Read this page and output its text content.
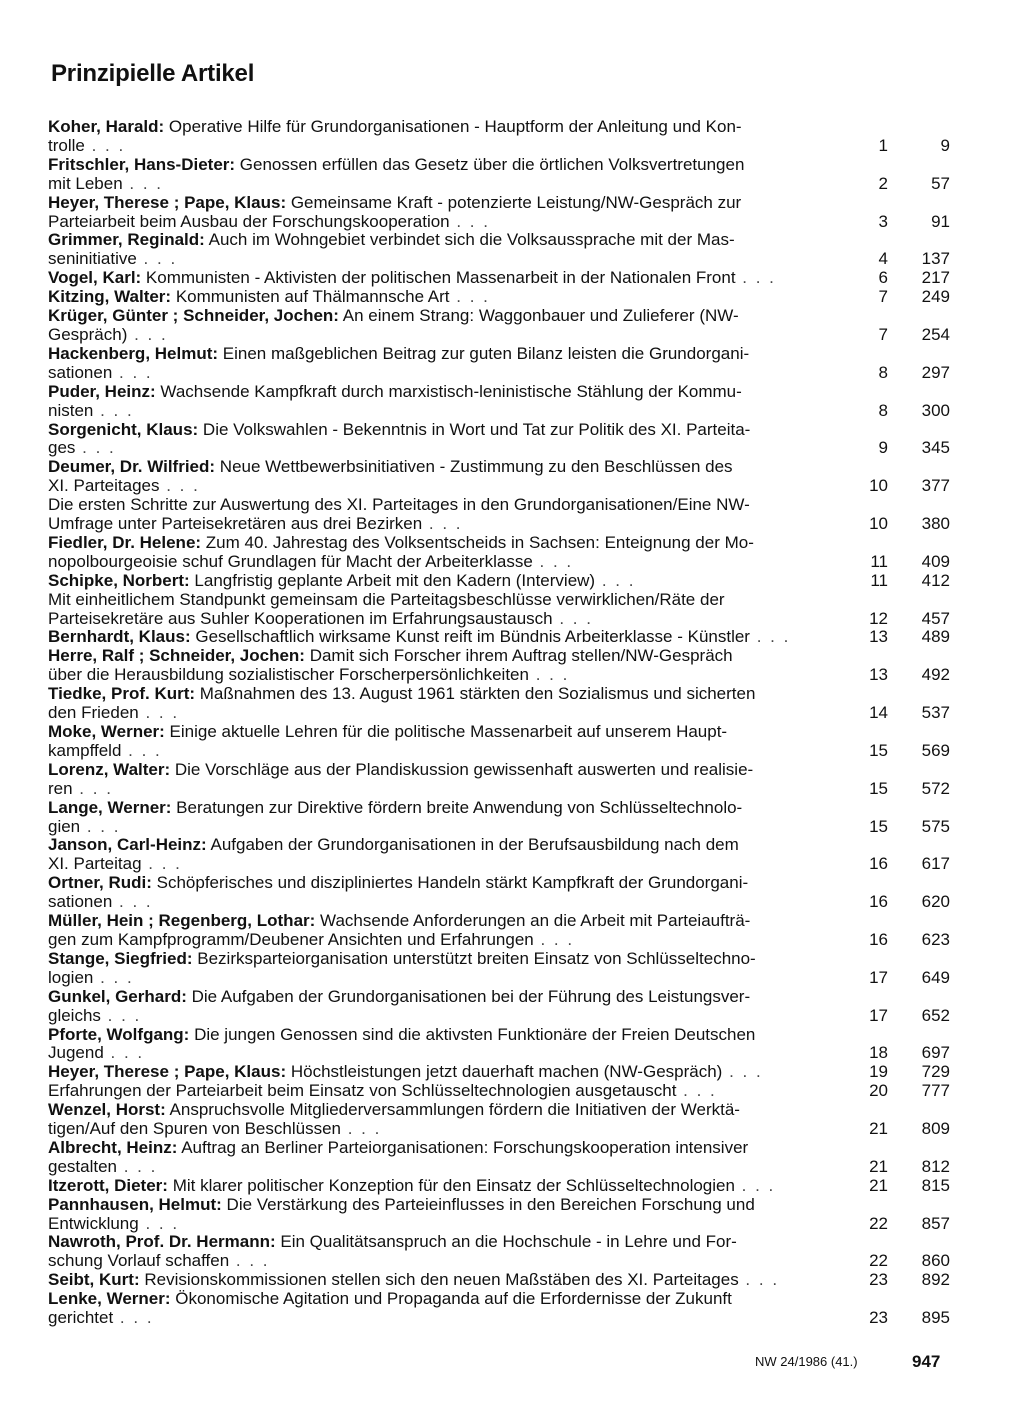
Prinzipielle Artikel
Koher, Harald: Operative Hilfe für Grundorganisationen - Hauptform der Anleitung und Kon-
trolle . . .	1	9
Fritschler, Hans-Dieter: Genossen erfüllen das Gesetz über die örtlichen Volksvertretungen
mit Leben . . .	2	57
Heyer, Therese ; Pape, Klaus: Gemeinsame Kraft - potenzierte Leistung/NW-Gespräch zur
Parteiarbeit beim Ausbau der Forschungskooperation . . .	3	91
Grimmer, Reginald: Auch im Wohngebiet verbindet sich die Volksaussprache mit der Mas-
seninitiative . . .	4	137
Vogel, Karl: Kommunisten - Aktivisten der politischen Massenarbeit in der Nationalen Front . . .	6	217
Kitzing, Walter: Kommunisten auf Thälmannsche Art . . .	7	249
Krüger, Günter ; Schneider, Jochen: An einem Strang: Waggonbauer und Zulieferer (NW-
Gespräch) . . .	7	254
Hackenberg, Helmut: Einen maßgeblichen Beitrag zur guten Bilanz leisten die Grundorgani-
sationen . . .	8	297
Puder, Heinz: Wachsende Kampfkraft durch marxistisch-leninistische Stählung der Kommu-
nisten . . .	8	300
Sorgenicht, Klaus: Die Volkswahlen - Bekenntnis in Wort und Tat zur Politik des XI. Parteita-
ges . . .	9	345
Deumer, Dr. Wilfried: Neue Wettbewerbsinitiativen - Zustimmung zu den Beschlüssen des
XI. Parteitages . . .	10	377
Die ersten Schritte zur Auswertung des XI. Parteitages in den Grundorganisationen/Eine NW-
Umfrage unter Parteisekretären aus drei Bezirken . . .	10	380
Fiedler, Dr. Helene: Zum 40. Jahrestag des Volksentscheids in Sachsen: Enteignung der Mo-
nopolbourgeoisie schuf Grundlagen für Macht der Arbeiterklasse . . .	11	409
Schipke, Norbert: Langfristig geplante Arbeit mit den Kadern (Interview) . . .	11	412
Mit einheitlichem Standpunkt gemeinsam die Parteitagsbeschlüsse verwirklichen/Räte der
Parteisekretäre aus Suhler Kooperationen im Erfahrungsaustausch . . .	12	457
Bernhardt, Klaus: Gesellschaftlich wirksame Kunst reift im Bündnis Arbeiterklasse - Künstler . . .	13	489
Herre, Ralf ; Schneider, Jochen: Damit sich Forscher ihrem Auftrag stellen/NW-Gespräch
über die Herausbildung sozialistischer Forscherpersönlichkeiten . . .	13	492
Tiedke, Prof. Kurt: Maßnahmen des 13. August 1961 stärkten den Sozialismus und sicherten
den Frieden . . .	14	537
Moke, Werner: Einige aktuelle Lehren für die politische Massenarbeit auf unserem Haupt-
kampffeld . . .	15	569
Lorenz, Walter: Die Vorschläge aus der Plandiskussion gewissenhaft auswerten und realisie-
ren . . .	15	572
Lange, Werner: Beratungen zur Direktive fördern breite Anwendung von Schlüsseltechnolo-
gien . . .	15	575
Janson, Carl-Heinz: Aufgaben der Grundorganisationen in der Berufsausbildung nach dem
XI. Parteitag . . .	16	617
Ortner, Rudi: Schöpferisches und diszipliniertes Handeln stärkt Kampfkraft der Grundorgani-
sationen . . .	16	620
Müller, Hein ; Regenberg, Lothar: Wachsende Anforderungen an die Arbeit mit Parteiaufträ-
gen zum Kampfprogramm/Deubener Ansichten und Erfahrungen . . .	16	623
Stange, Siegfried: Bezirksparteiorganisation unterstützt breiten Einsatz von Schlüsseltechno-
logien . . .	17	649
Gunkel, Gerhard: Die Aufgaben der Grundorganisationen bei der Führung des Leistungsver-
gleichs . . .	17	652
Pforte, Wolfgang: Die jungen Genossen sind die aktivsten Funktionäre der Freien Deutschen
Jugend . . .	18	697
Heyer, Therese ; Pape, Klaus: Höchstleistungen jetzt dauerhaft machen (NW-Gespräch) . . .	19	729
Erfahrungen der Parteiarbeit beim Einsatz von Schlüsseltechnologien ausgetauscht . . .	20	777
Wenzel, Horst: Anspruchsvolle Mitgliederversammlungen fördern die Initiativen der Werktä-
tigen/Auf den Spuren von Beschlüssen . . .	21	809
Albrecht, Heinz: Auftrag an Berliner Parteiorganisationen: Forschungskooperation intensiver
gestalten . . .	21	812
Itzerott, Dieter: Mit klarer politischer Konzeption für den Einsatz der Schlüsseltechnologien . . .	21	815
Pannhausen, Helmut: Die Verstärkung des Parteieinflusses in den Bereichen Forschung und
Entwicklung . . .	22	857
Nawroth, Prof. Dr. Hermann: Ein Qualitätsanspruch an die Hochschule - in Lehre und For-
schung Vorlauf schaffen . . .	22	860
Seibt, Kurt: Revisionskommissionen stellen sich den neuen Maßstäben des XI. Parteitages . . .	23	892
Lenke, Werner: Ökonomische Agitation und Propaganda auf die Erfordernisse der Zukunft
gerichtet . . .	23	895
NW 24/1986 (41.)	947
